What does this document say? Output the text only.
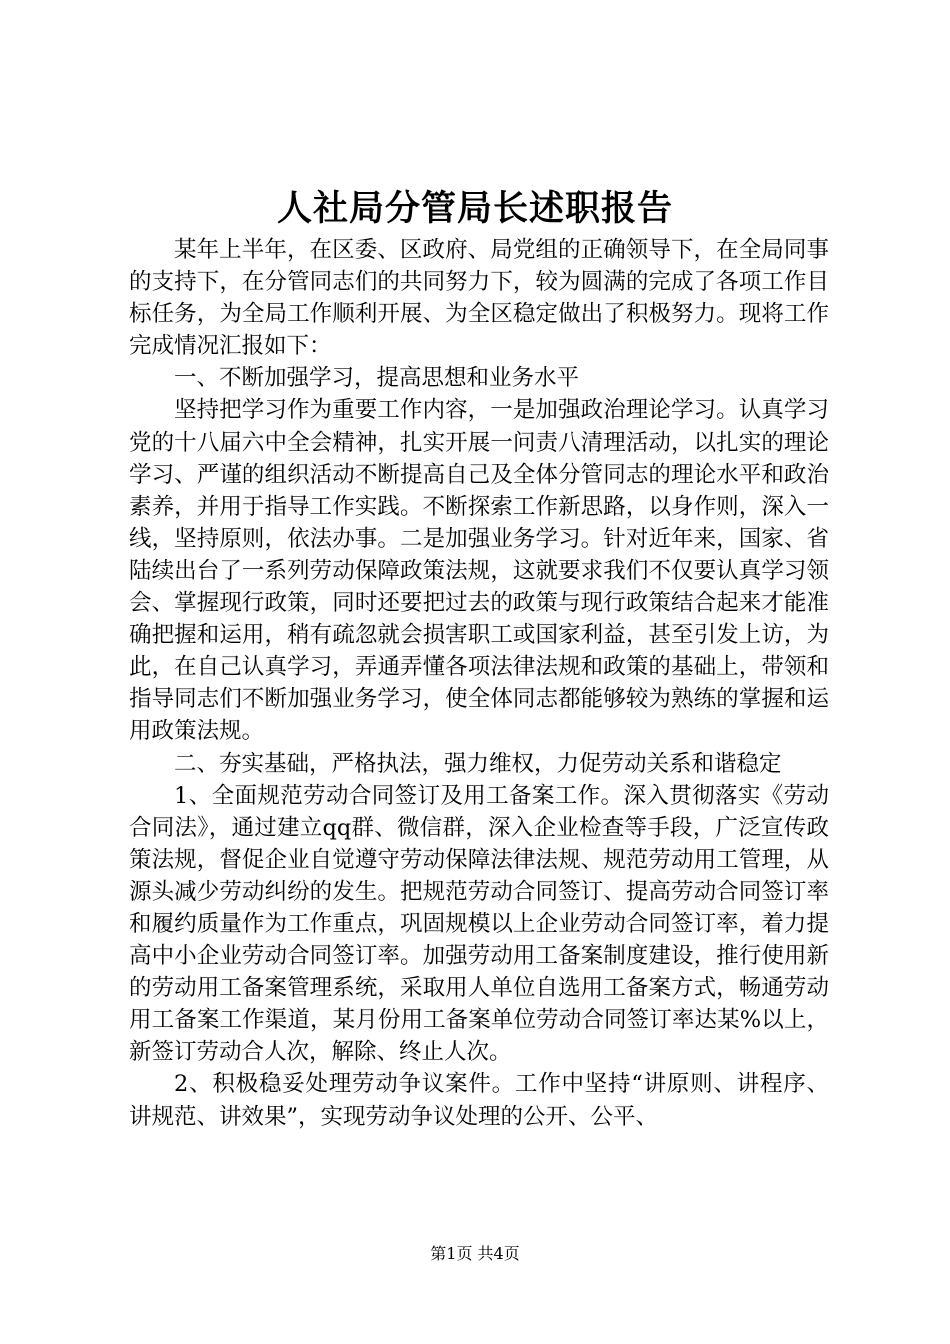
人社局分管局长述职报告

某年上半年，在区委、区政府、局党组的正确领导下，在全局同事的支持下，在分管同志们的共同努力下，较为圆满的完成了各项工作目标任务，为全局工作顺利开展、为全区稳定做出了积极努力。现将工作完成情况汇报如下：

一、不断加强学习，提高思想和业务水平

坚持把学习作为重要工作内容，一是加强政治理论学习。认真学习党的十八届六中全会精神，扎实开展一问责八清理活动，以扎实的理论学习、严谨的组织活动不断提高自己及全体分管同志的理论水平和政治素养，并用于指导工作实践。不断探索工作新思路，以身作则，深入一线，坚持原则，依法办事。二是加强业务学习。针对近年来，国家、省陆续出台了一系列劳动保障政策法规，这就要求我们不仅要认真学习领会、掌握现行政策，同时还要把过去的政策与现行政策结合起来才能准确把握和运用，稍有疏忽就会损害职工或国家利益，甚至引发上访，为此，在自己认真学习，弄通弄懂各项法律法规和政策的基础上，带领和指导同志们不断加强业务学习，使全体同志都能够较为熟练的掌握和运用政策法规。

二、夯实基础，严格执法，强力维权，力促劳动关系和谐稳定

1、全面规范劳动合同签订及用工备案工作。深入贯彻落实《劳动合同法》，通过建立qq群、微信群，深入企业检查等手段，广泛宣传政策法规，督促企业自觉遵守劳动保障法律法规、规范劳动用工管理，从源头减少劳动纠纷的发生。把规范劳动合同签订、提高劳动合同签订率和履约质量作为工作重点，巩固规模以上企业劳动合同签订率，着力提高中小企业劳动合同签订率。加强劳动用工备案制度建设，推行使用新的劳动用工备案管理系统，采取用人单位自选用工备案方式，畅通劳动用工备案工作渠道，某月份用工备案单位劳动合同签订率达某%以上，新签订劳动合人次，解除、终止人次。

2、积极稳妥处理劳动争议案件。工作中坚持“讲原则、讲程序、讲规范、讲效果”，实现劳动争议处理的公开、公平、

第1页 共4页
